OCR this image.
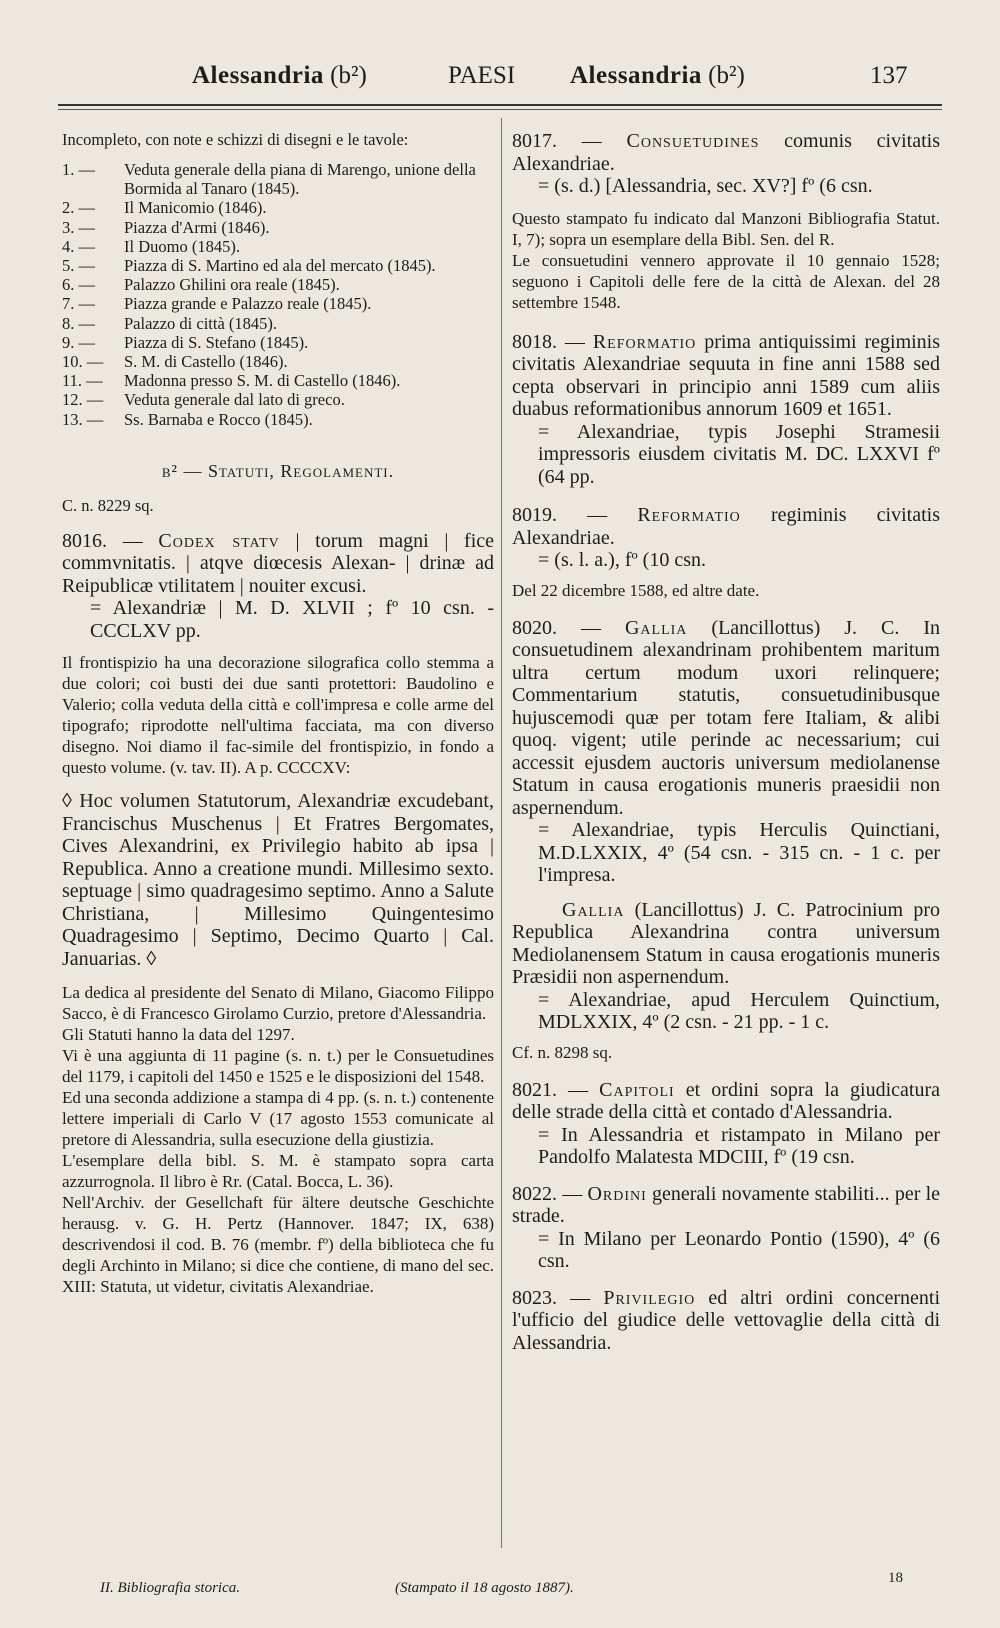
Alessandria (b²)	PAESI Alessandria (b²)	137

Incompleto, con note e schizzi di disegni e le tavole:

1. —	Veduta generale della piana di Marengo, unione della Bormida al Tanaro (1845).
2. —	Il Manicomio (1846).
3. —	Piazza d'Armi (1846).
4. —	Il Duomo (1845).
5. —	Piazza di S. Martino ed ala del mercato (1845).
6. —	Palazzo Ghilini ora reale (1845).
7. —	Piazza grande e Palazzo reale (1845).
8. —	Palazzo di città (1845).
9. —	Piazza di S. Stefano (1845).
10. —	S. M. di Castello (1846).
11. —	Madonna presso S. M. di Castello (1846).
12. —	Veduta generale dal lato di greco.
13. —	Ss. Barnaba e Rocco (1845).

b² — Statuti, Regolamenti.

C. n. 8229 sq.

8016. — Codex statv | torum magni | fice commvnitatis. | atqve diœcesis Alexan- | drinæ ad Reipublicæ vtilitatem | nouiter excusi.

= Alexandriæ | M. D. XLVII ; fº 10 csn. - CCCLXV pp.

Il frontispizio ha una decorazione silografica collo stemma a due colori; coi busti dei due santi protettori: Baudolino e Valerio; colla veduta della città e coll'impresa e colle arme del tipografo; riprodotte nell'ultima facciata, ma con diverso disegno. Noi diamo il fac-simile del frontispizio, in fondo a questo volume. (v. tav. II). A p. CCCCXV:

◊ Hoc volumen Statutorum, Alexandriæ excudebant, Francischus Muschenus | Et Fratres Bergomates, Cives Alexandrini, ex Privilegio habito ab ipsa | Republica. Anno a creatione mundi. Millesimo sexto. septuage | simo quadragesimo septimo. Anno a Salute Christiana, | Millesimo Quingentesimo Quadragesimo | Septimo, Decimo Quarto | Cal. Januarias. ◊

La dedica al presidente del Senato di Milano, Giacomo Filippo Sacco, è di Francesco Girolamo Curzio, pretore d'Alessandria.

Gli Statuti hanno la data del 1297.

Vi è una aggiunta di 11 pagine (s. n. t.) per le Consuetudines del 1179, i capitoli del 1450 e 1525 e le disposizioni del 1548.

Ed una seconda addizione a stampa di 4 pp. (s. n. t.) contenente lettere imperiali di Carlo V (17 agosto 1553 comunicate al pretore di Alessandria, sulla esecuzione della giustizia.

L'esemplare della bibl. S. M. è stampato sopra carta azzurrognola. Il libro è Rr. (Catal. Bocca, L. 36).

Nell'Archiv. der Gesellchaft für ältere deutsche Geschichte herausg. v. G. H. Pertz (Hannover. 1847; IX, 638) descrivendosi il cod. B. 76 (membr. fº) della biblioteca che fu degli Archinto in Milano; si dice che contiene, di mano del sec. XIII: Statuta, ut videtur, civitatis Alexandriae.

8017. — Consuetudines comunis civitatis Alexandriae.

= (s. d.) [Alessandria, sec. XV?] fº (6 csn.

Questo stampato fu indicato dal Manzoni Bibliografia Statut. I, 7); sopra un esemplare della Bibl. Sen. del R.

Le consuetudini vennero approvate il 10 gennaio 1528; seguono i Capitoli delle fere de la città de Alexan. del 28 settembre 1548.

8018. — Reformatio prima antiquissimi regiminis civitatis Alexandriae sequuta in fine anni 1588 sed cepta observari in principio anni 1589 cum aliis duabus reformationibus annorum 1609 et 1651.

= Alexandriae, typis Josephi Stramesii impressoris eiusdem civitatis M. DC. LXXVI fº (64 pp.

8019. — Reformatio regiminis civitatis Alexandriae.

= (s. l. a.), fº (10 csn.

Del 22 dicembre 1588, ed altre date.

8020. — Gallia (Lancillottus) J. C. In consuetudinem alexandrinam prohibentem maritum ultra certum modum uxori relinquere; Commentarium statutis, consuetudinibusque hujuscemodi quæ per totam fere Italiam, & alibi quoq. vigent; utile perinde ac necessarium; cui accessit ejusdem auctoris universum mediolanense Statum in causa erogationis muneris praesidii non aspernendum.

= Alexandriae, typis Herculis Quinctiani, M.D.LXXIX, 4º (54 csn. - 315 cn. - 1 c. per l'impresa.

Gallia (Lancillottus) J. C. Patrocinium pro Republica Alexandrina contra universum Mediolanensem Statum in causa erogationis muneris Præsidii non aspernendum.

= Alexandriae, apud Herculem Quinctium, MDLXXIX, 4º (2 csn. - 21 pp. - 1 c.

Cf. n. 8298 sq.

8021. — Capitoli et ordini sopra la giudicatura delle strade della città et contado d'Alessandria.

= In Alessandria et ristampato in Milano per Pandolfo Malatesta MDCIII, fº (19 csn.

8022. — Ordini generali novamente stabiliti... per le strade.

= In Milano per Leonardo Pontio (1590), 4º (6 csn.

8023. — Privilegio ed altri ordini concernenti l'ufficio del giudice delle vettovaglie della città di Alessandria.

II. Bibliografia storica.	(Stampato il 18 agosto 1887).
18
